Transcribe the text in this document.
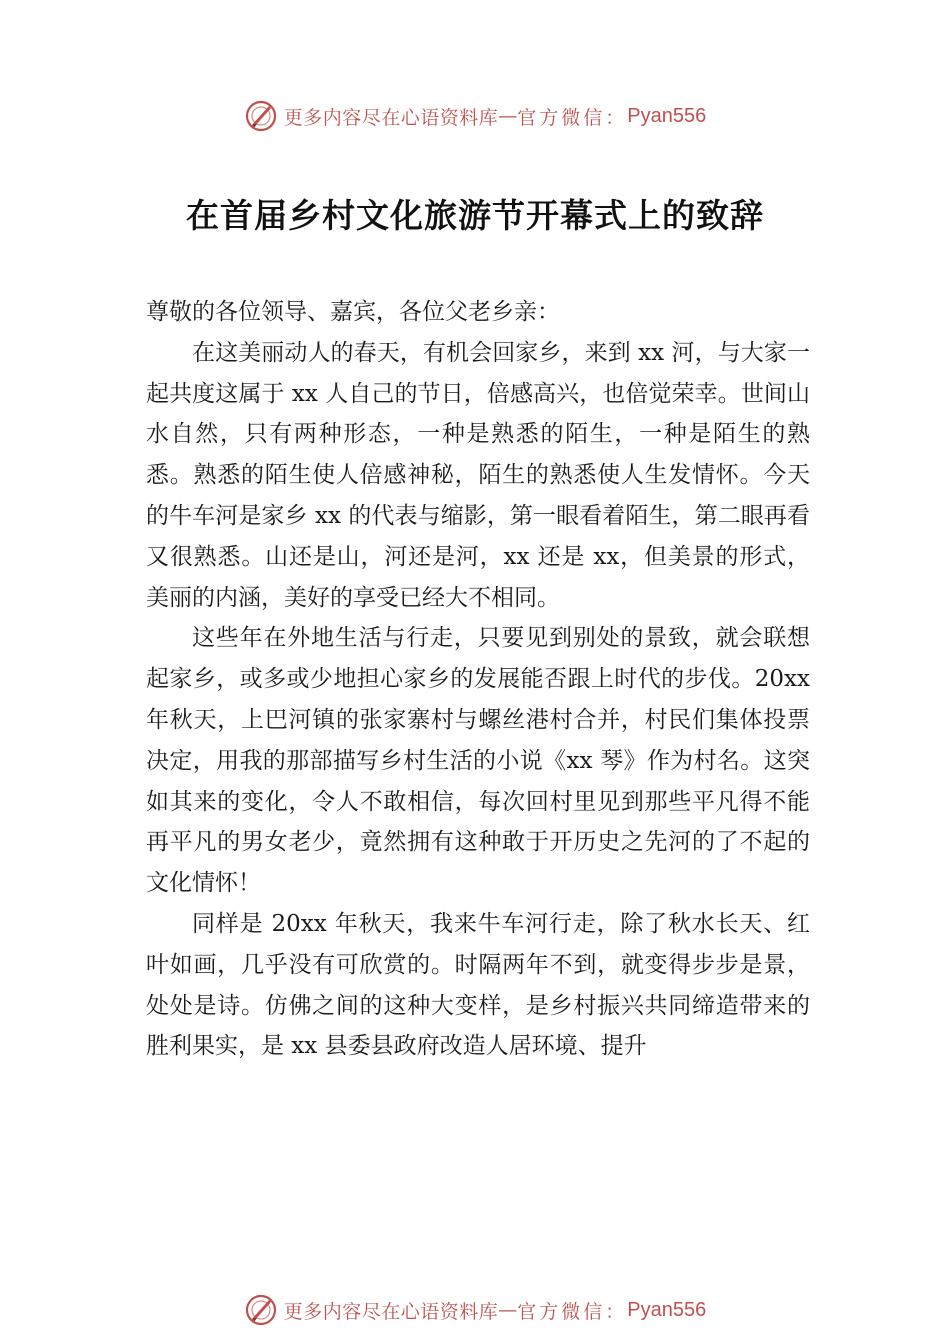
更多内容尽在心语资料库 — 官方微信： Pyan556
在首届乡村文化旅游节开幕式上的致辞

尊敬的各位领导、嘉宾，各位父老乡亲：

在这美丽动人的春天，有机会回家乡，来到 xx 河，与大家一起共度这属于 xx 人自己的节日，倍感高兴，也倍觉荣幸。世间山水自然，只有两种形态，一种是熟悉的陌生，一种是陌生的熟悉。熟悉的陌生使人倍感神秘，陌生的熟悉使人生发情怀。今天的牛车河是家乡 xx 的代表与缩影，第一眼看着陌生，第二眼再看又很熟悉。山还是山，河还是河，xx 还是 xx，但美景的形式，美丽的内涵，美好的享受已经大不相同。

这些年在外地生活与行走，只要见到别处的景致，就会联想起家乡，或多或少地担心家乡的发展能否跟上时代的步伐。20xx 年秋天，上巴河镇的张家寨村与螺丝港村合并，村民们集体投票决定，用我的那部描写乡村生活的小说《xx 琴》作为村名。这突如其来的变化，令人不敢相信，每次回村里见到那些平凡得不能再平凡的男女老少，竟然拥有这种敢于开历史之先河的了不起的文化情怀！

同样是 20xx 年秋天，我来牛车河行走，除了秋水长天、红叶如画，几乎没有可欣赏的。时隔两年不到，就变得步步是景，处处是诗。仿佛之间的这种大变样，是乡村振兴共同缔造带来的胜利果实，是 xx 县委县政府改造人居环境、提升

更多内容尽在心语资料库 — 官方微信： Pyan556
